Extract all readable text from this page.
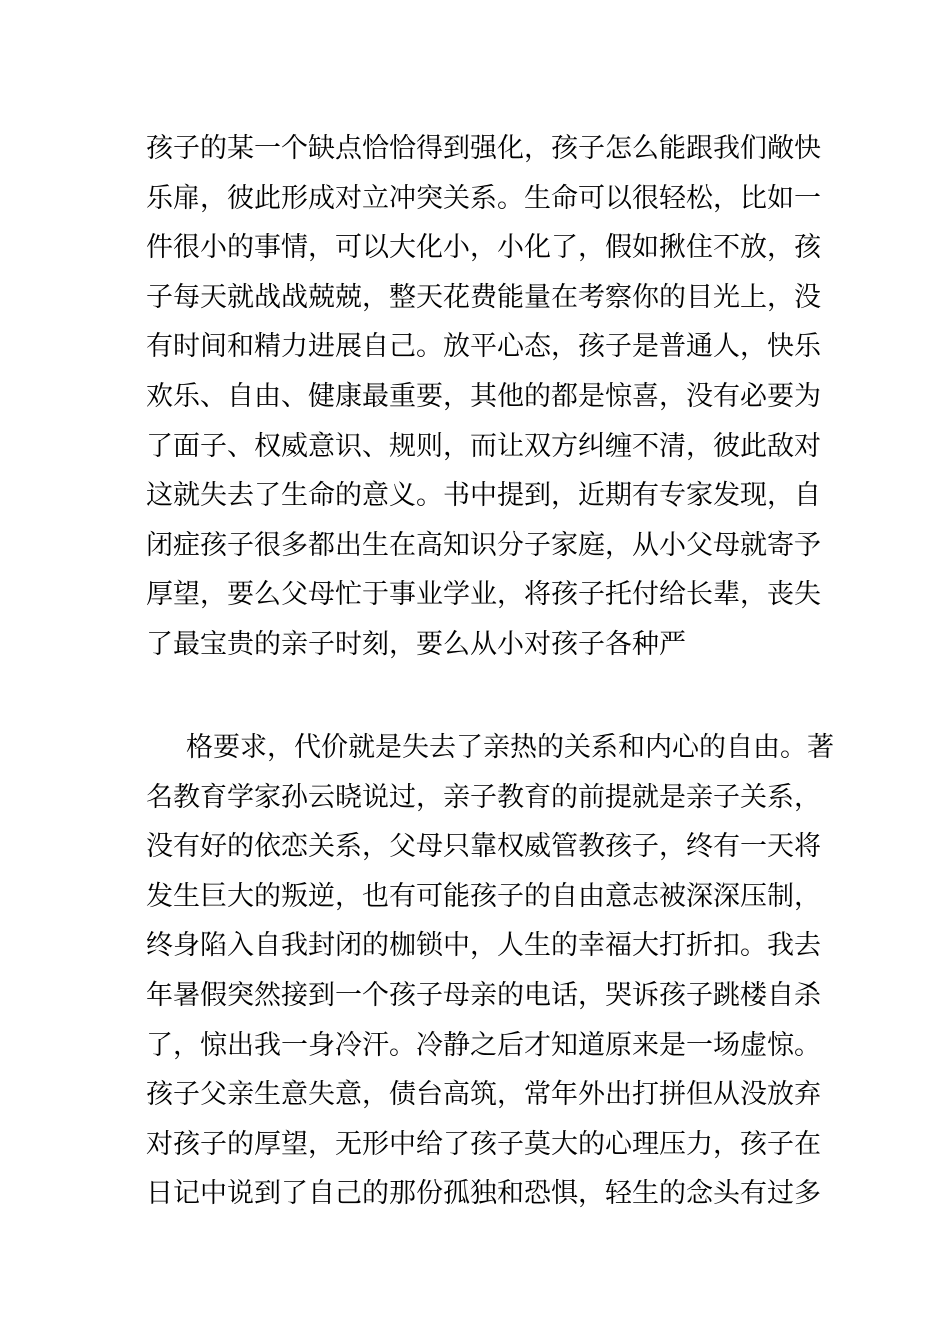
孩子的某一个缺点恰恰得到强化，孩子怎么能跟我们敞快
乐扉，彼此形成对立冲突关系。生命可以很轻松，比如一
件很小的事情，可以大化小，小化了，假如揪住不放，孩
子每天就战战兢兢，整天花费能量在考察你的目光上，没
有时间和精力进展自己。放平心态，孩子是普通人，快乐
欢乐、自由、健康最重要，其他的都是惊喜，没有必要为
了面子、权威意识、规则，而让双方纠缠不清，彼此敌对
这就失去了生命的意义。书中提到，近期有专家发现，自
闭症孩子很多都出生在高知识分子家庭，从小父母就寄予
厚望，要么父母忙于事业学业，将孩子托付给长辈，丧失
了最宝贵的亲子时刻，要么从小对孩子各种严
格要求，代价就是失去了亲热的关系和内心的自由。著
名教育学家孙云晓说过，亲子教育的前提就是亲子关系，
没有好的依恋关系，父母只靠权威管教孩子，终有一天将
发生巨大的叛逆，也有可能孩子的自由意志被深深压制，
终身陷入自我封闭的枷锁中，人生的幸福大打折扣。我去
年暑假突然接到一个孩子母亲的电话，哭诉孩子跳楼自杀
了，惊出我一身冷汗。冷静之后才知道原来是一场虚惊。
孩子父亲生意失意，债台高筑，常年外出打拼但从没放弃
对孩子的厚望，无形中给了孩子莫大的心理压力，孩子在
日记中说到了自己的那份孤独和恐惧，轻生的念头有过多
